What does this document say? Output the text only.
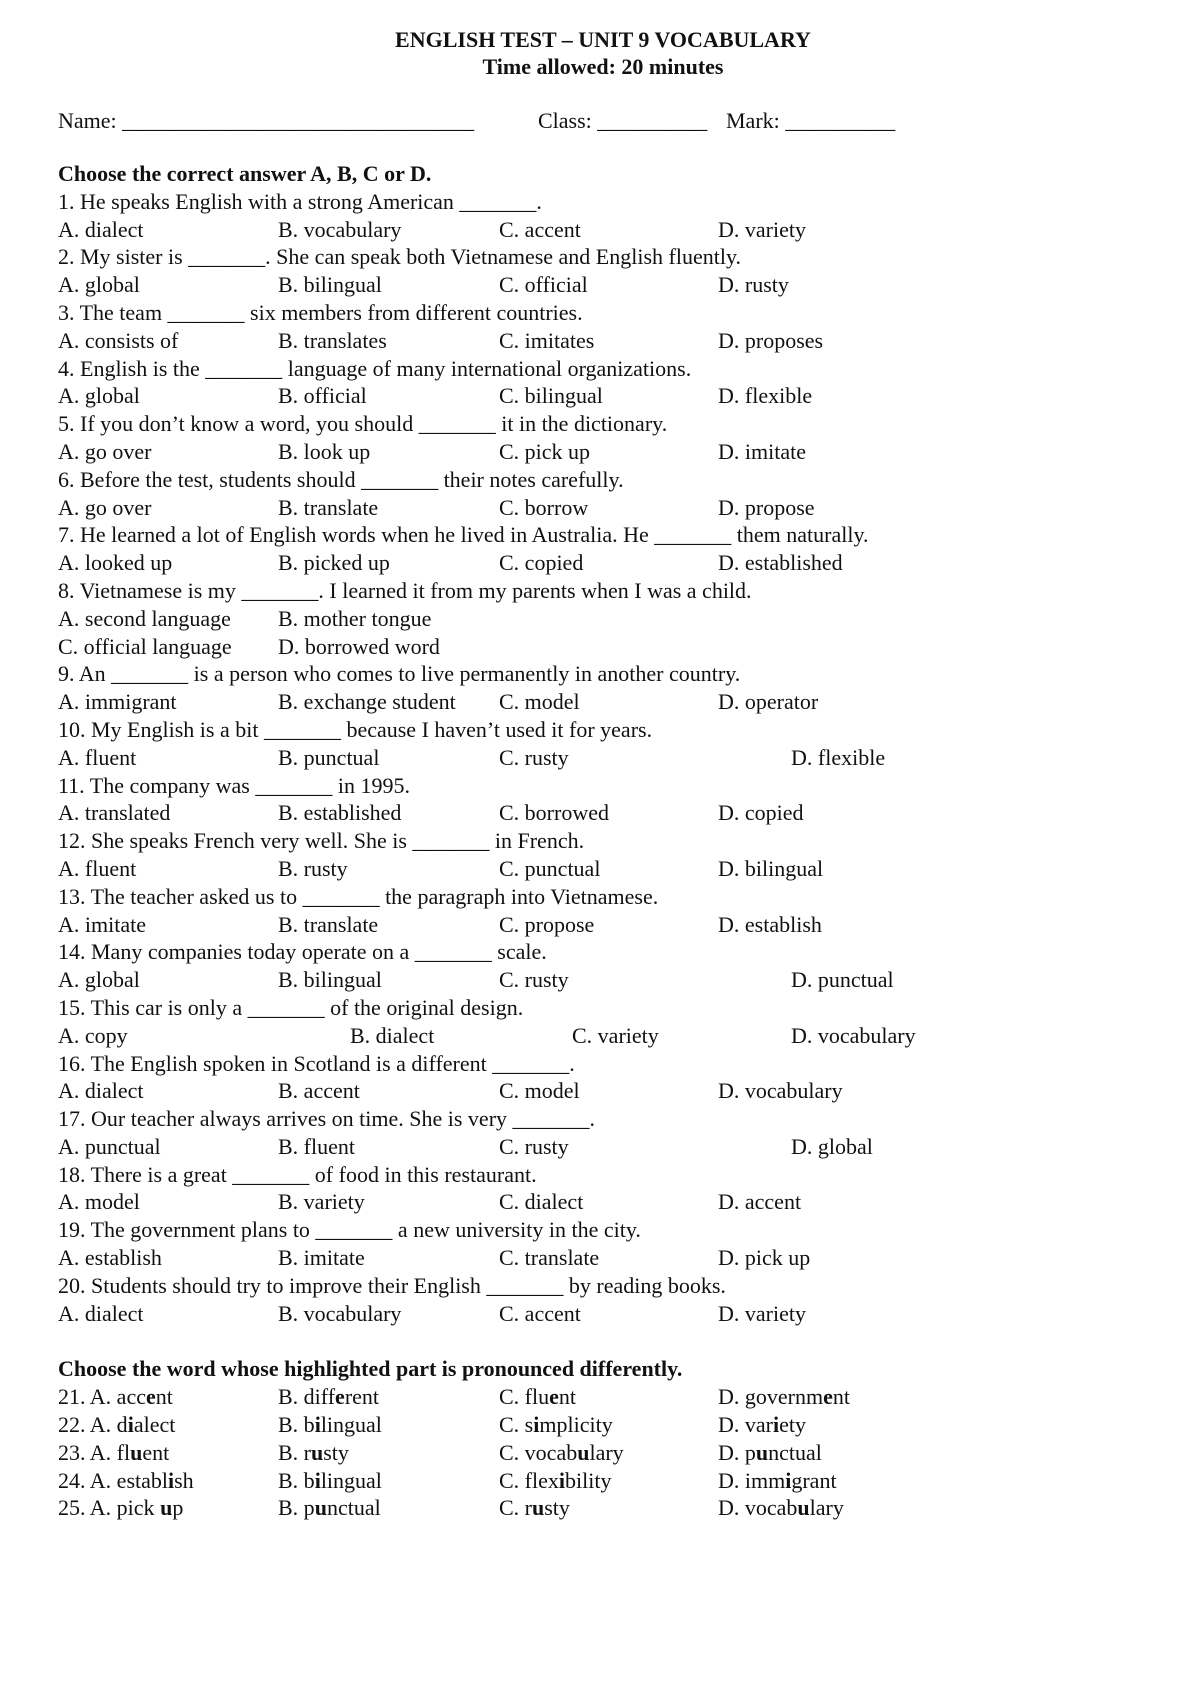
ENGLISH TEST – UNIT 9 VOCABULARY
Time allowed: 20 minutes

Name: ________________________________

	Class: __________

Mark: __________

Choose the correct answer A, B, C or D.
1. He speaks English with a strong American _______.
A. dialect	B. vocabulary	C. accent	D. variety
2. My sister is _______. She can speak both Vietnamese and English fluently.
A. global	B. bilingual	C. official	D. rusty
3. The team _______ six members from different countries.
A. consists of	B. translates	C. imitates	D. proposes
4. English is the _______ language of many international organizations.
A. global	B. official	C. bilingual	D. flexible
5. If you don’t know a word, you should _______ it in the dictionary.
A. go over	B. look up	C. pick up	D. imitate
6. Before the test, students should _______ their notes carefully.
A. go over	B. translate	C. borrow	D. propose
7. He learned a lot of English words when he lived in Australia. He _______ them naturally.
A. looked up	B. picked up	C. copied	D. established
8. Vietnamese is my _______. I learned it from my parents when I was a child.
A. second language B. mother tongue
C. official language D. borrowed word
9. An _______ is a person who comes to live permanently in another country.
A. immigrant	B. exchange student C. model	D. operator
10. My English is a bit _______ because I haven’t used it for years.
A. fluent	B. punctual	C. rusty	D. flexible
11. The company was _______ in 1995.
A. translated	B. established	C. borrowed	D. copied
12. She speaks French very well. She is _______ in French.
A. fluent	B. rusty	C. punctual	D. bilingual
13. The teacher asked us to _______ the paragraph into Vietnamese.
A. imitate	B. translate	C. propose	D. establish
14. Many companies today operate on a _______ scale.
A. global	B. bilingual	C. rusty	D. punctual
15. This car is only a _______ of the original design.
A. copy	B. dialect	C. variety	D. vocabulary
16. The English spoken in Scotland is a different _______.
A. dialect	B. accent	C. model	D. vocabulary
17. Our teacher always arrives on time. She is very _______.
A. punctual	B. fluent	C. rusty	D. global
18. There is a great _______ of food in this restaurant.
A. model	B. variety	C. dialect	D. accent
19. The government plans to _______ a new university in the city.
A. establish	B. imitate	C. translate	D. pick up
20. Students should try to improve their English _______ by reading books.
A. dialect	B. vocabulary	C. accent	D. variety
Choose the word whose highlighted part is pronounced differently.
21. A. accent	B. different	C. fluent	D. government
22. A. dialect	B. bilingual	C. simplicity	D. variety
23. A. fluent	B. rusty	C. vocabulary	D. punctual
24. A. establish	B. bilingual	C. flexibility	D. immigrant
25. A. pick up	B. punctual	C. rusty	D. vocabulary
